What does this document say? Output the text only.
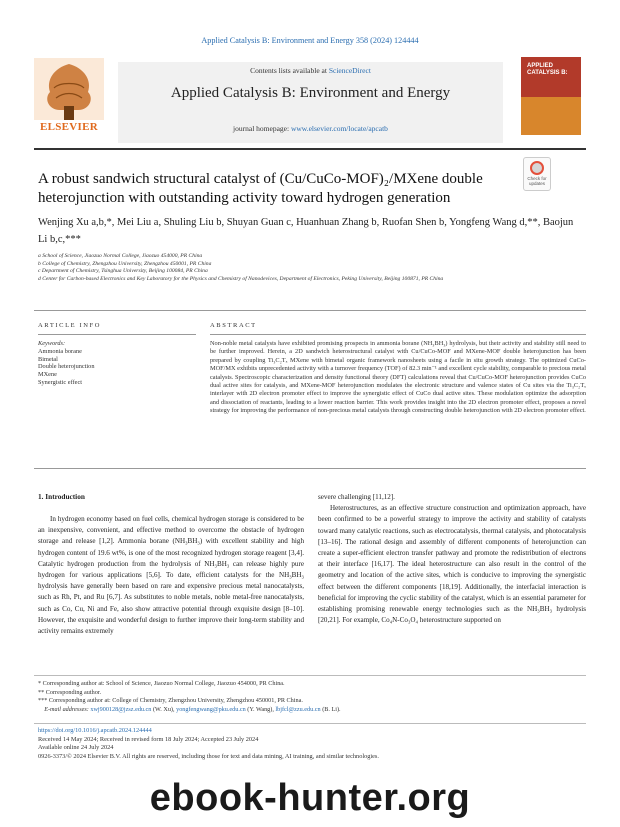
Applied Catalysis B: Environment and Energy 358 (2024) 124444
ELSEVIER
Contents lists available at ScienceDirect
Applied Catalysis B: Environment and Energy
journal homepage: www.elsevier.com/locate/apcatb
APPLIED CATALYSIS B:
Check for updates
A robust sandwich structural catalyst of (Cu/CuCo-MOF)₂/MXene double heterojunction with outstanding activity toward hydrogen generation
Wenjing Xu a,b,*, Mei Liu a, Shuling Liu b, Shuyan Guan c, Huanhuan Zhang b, Ruofan Shen b, Yongfeng Wang d,**, Baojun Li b,c,***
a School of Science, Jiaozuo Normal College, Jiaozuo 454000, PR China
b College of Chemistry, Zhengzhou University, Zhengzhou 450001, PR China
c Department of Chemistry, Tsinghua University, Beijing 100084, PR China
d Center for Carbon-based Electronics and Key Laboratory for the Physics and Chemistry of Nanodevices, Department of Electronics, Peking University, Beijing 100871, PR China
ARTICLE INFO	ABSTRACT
Keywords:
Ammonia borane
Bimetal
Double heterojunction
MXene
Synergistic effect
Non-noble metal catalysts have exhibited promising prospects in ammonia borane (NH₃BH₃) hydrolysis, but their activity and stability still need to be further improved. Herein, a 2D sandwich heterostructural catalyst with Cu/CuCo-MOF and MXene-MOF double heterojunction has been prepared by coupling Ti₃C₂Tₓ MXene with bimetal organic framework nanosheets using a facile in situ growth strategy. The optimized CuCo-MOF/MX exhibits unprecedented activity with a turnover frequency (TOF) of 82.3 min⁻¹ and excellent cycle stability, comparable to precious metal catalysts. Spectroscopic characterization and density functional theory (DFT) calculations reveal that Cu/CuCo-MOF heterojunction provides CuCo dual active sites for catalysis, and MXene-MOF heterojunction modulates the electronic structure and valence states of Cu sites via the Ti₃C₂Tₓ interlayer with 2D electron promoter effect to improve the synergistic effect of CuCo dual active sites. These modulation optimize the adsorption and dissociation of reactants, leading to a lower reaction barrier. This work provides insight into the 2D electron promoter effect, proposes a novel strategy for improving the performance of non-precious metal catalysts through constructing double heterojunction with 2D electron promoter effect.
1. Introduction

In hydrogen economy based on fuel cells, chemical hydrogen storage is considered to be an inexpensive, convenient, and effective method to overcome the obstacle of hydrogen storage and release [1,2]. Ammonia borane (NH₃BH₃) with excellent stability and high hydrogen content of 19.6 wt%, is one of the most recognized hydrogen storage reagent [3,4]. Catalytic hydrogen production from the hydrolysis of NH₃BH₃ can release highly pure hydrogen for various applications [5,6]. To date, efficient catalysts for the NH₃BH₃ hydrolysis have generally been based on rare and expensive precious metal nanocatalysts, such as Rh, Pt, and Ru [6,7]. As substitutes to noble metals, noble metal-free nanocatalysts, such as Co, Cu, Ni and Fe, also show attractive potential through exquisite design [8–10]. However, the exquisite and wonderful design to further improve their long-term stability and activity remains extremely

severe challenging [11,12].

Heterostructures, as an effective structure construction and optimization approach, have been confirmed to be a powerful strategy to improve the activity and stability of catalysts toward many catalytic reactions, such as electrocatalysis, thermal catalysis, and photocatalysis [13–16]. The rational design and assembly of different components of heterojunction can create a super-efficient electron transfer pathway and promote the redistribution of electrons at their interface [16,17]. The ideal heterostructure can also result in the control of the geometry and location of the active sites, which is conducive to improving the synergistic effect between the different components [18,19]. Additionally, the interfacial interaction is beneficial for improving the cyclic stability of the catalyst, which is an essential parameter for establishing promising renewable energy technologies such as the NH₃BH₃ hydrolysis [20,21]. For example, Co₄N-Co₃O₄ heterostructure supported on

* Corresponding author at: School of Science, Jiaozuo Normal College, Jiaozuo 454000, PR China.
** Corresponding author.
*** Corresponding author at: College of Chemistry, Zhengzhou University, Zhengzhou 450001, PR China.
E-mail addresses: xwj900128@jzsz.edu.cn (W. Xu), yongfengwang@pku.edu.cn (Y. Wang), lbjfcl@zzu.edu.cn (B. Li).
https://doi.org/10.1016/j.apcatb.2024.124444
Received 14 May 2024; Received in revised form 18 July 2024; Accepted 23 July 2024
Available online 24 July 2024
0926-3373/© 2024 Elsevier B.V. All rights are reserved, including those for text and data mining, AI training, and similar technologies.
ebook-hunter.org
